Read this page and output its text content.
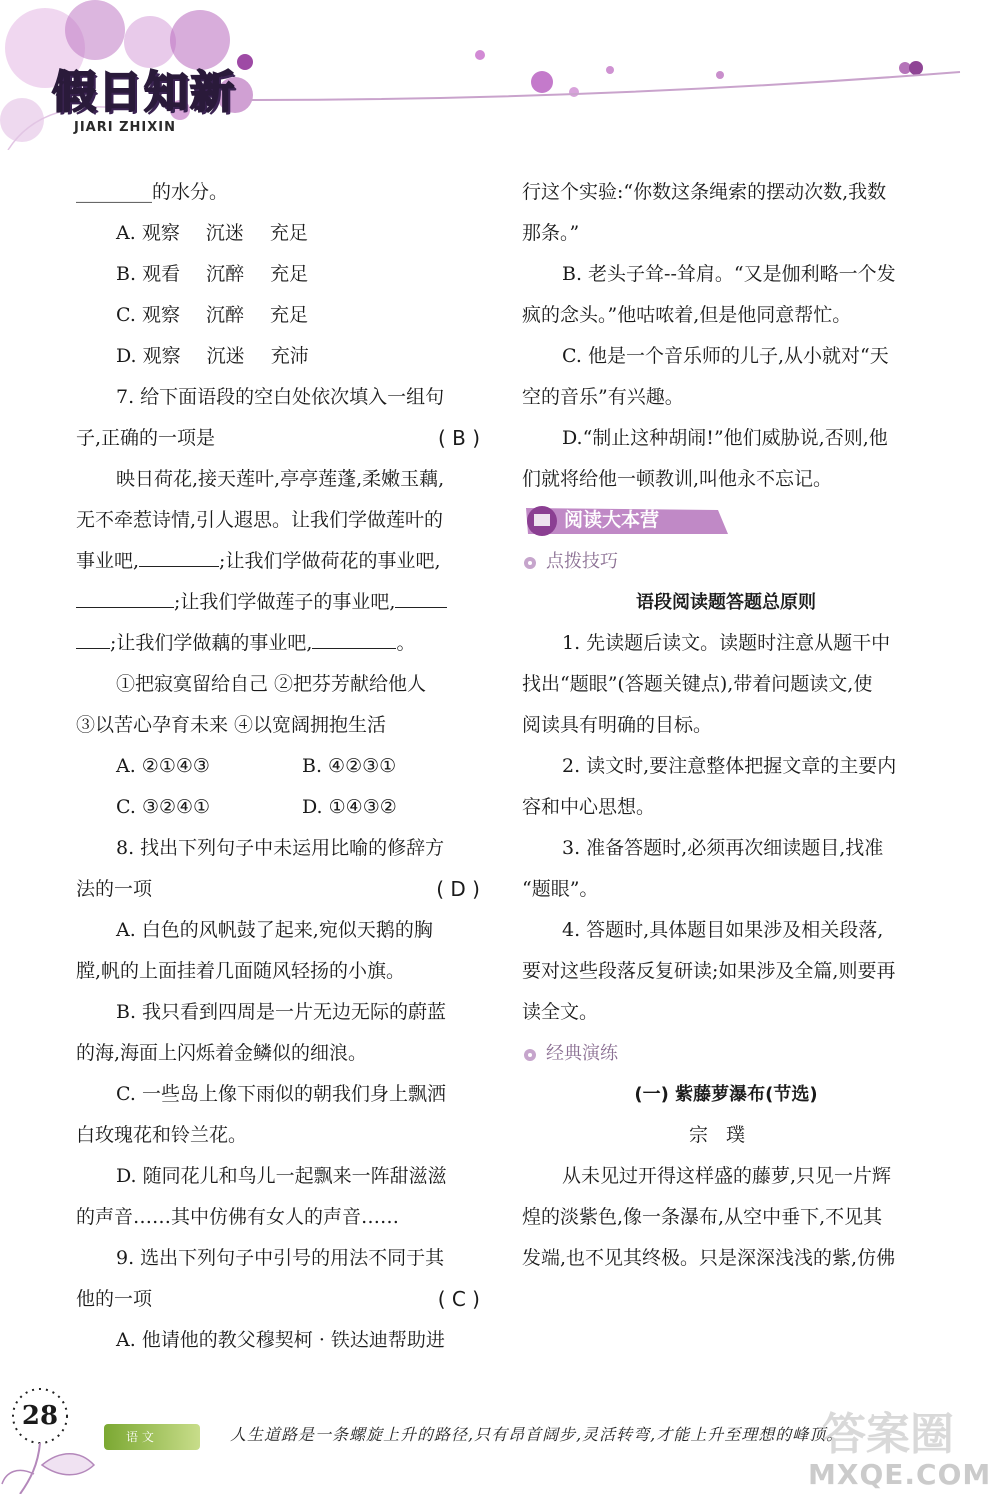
假日知新
JIARI ZHIXIN
________的水分。
A. 观察 沉迷 充足
B. 观看 沉醉 充足
C. 观察 沉醉 充足
D. 观察 沉迷 充沛
7. 给下面语段的空白处依次填入一组句
子,正确的一项是	( B )
映日荷花,接天莲叶,亭亭莲蓬,柔嫩玉藕,
无不牵惹诗情,引人遐思。让我们学做莲叶的
事业吧,	;让我们学做荷花的事业吧,
;让我们学做莲子的事业吧,
;让我们学做藕的事业吧,	。
①把寂寞留给自己 ②把芬芳献给他人
③以苦心孕育未来 ④以宽阔拥抱生活
A. ②①④③	B. ④②③①
C. ③②④①	D. ①④③②
8. 找出下列句子中未运用比喻的修辞方
法的一项	( D )
A. 白色的风帆鼓了起来,宛似天鹅的胸
膛,帆的上面挂着几面随风轻扬的小旗。
B. 我只看到四周是一片无边无际的蔚蓝
的海,海面上闪烁着金鳞似的细浪。
C. 一些岛上像下雨似的朝我们身上飘洒
白玫瑰花和铃兰花。
D. 随同花儿和鸟儿一起飘来一阵甜滋滋
的声音……其中仿佛有女人的声音……
9. 选出下列句子中引号的用法不同于其
他的一项	( C )
A. 他请他的教父穆契柯 · 铁达迪帮助进
行这个实验:“你数这条绳索的摆动次数,我数
那条。”
B. 老头子耸--耸肩。“又是伽利略一个发
疯的念头。”他咕哝着,但是他同意帮忙。
C. 他是一个音乐师的儿子,从小就对“天
空的音乐”有兴趣。
D.“制止这种胡闹!”他们威胁说,否则,他
们就将给他一顿教训,叫他永不忘记。
阅读大本营
点拨技巧
语段阅读题答题总原则
1. 先读题后读文。读题时注意从题干中
找出“题眼”(答题关键点),带着问题读文,使
阅读具有明确的目标。
2. 读文时,要注意整体把握文章的主要内
容和中心思想。
3. 准备答题时,必须再次细读题目,找准
“题眼”。
4. 答题时,具体题目如果涉及相关段落,
要对这些段落反复研读;如果涉及全篇,则要再
读全文。
经典演练
(一) 紫藤萝瀑布(节选)
宗璞
从未见过开得这样盛的藤萝,只见一片辉
煌的淡紫色,像一条瀑布,从空中垂下,不见其
发端,也不见其终极。只是深深浅浅的紫,仿佛
28
语 文	人生道路是一条螺旋上升的路径,只有昂首阔步,灵活转弯,才能上升至理想的峰顶。
答案圈
MXQE.COM
